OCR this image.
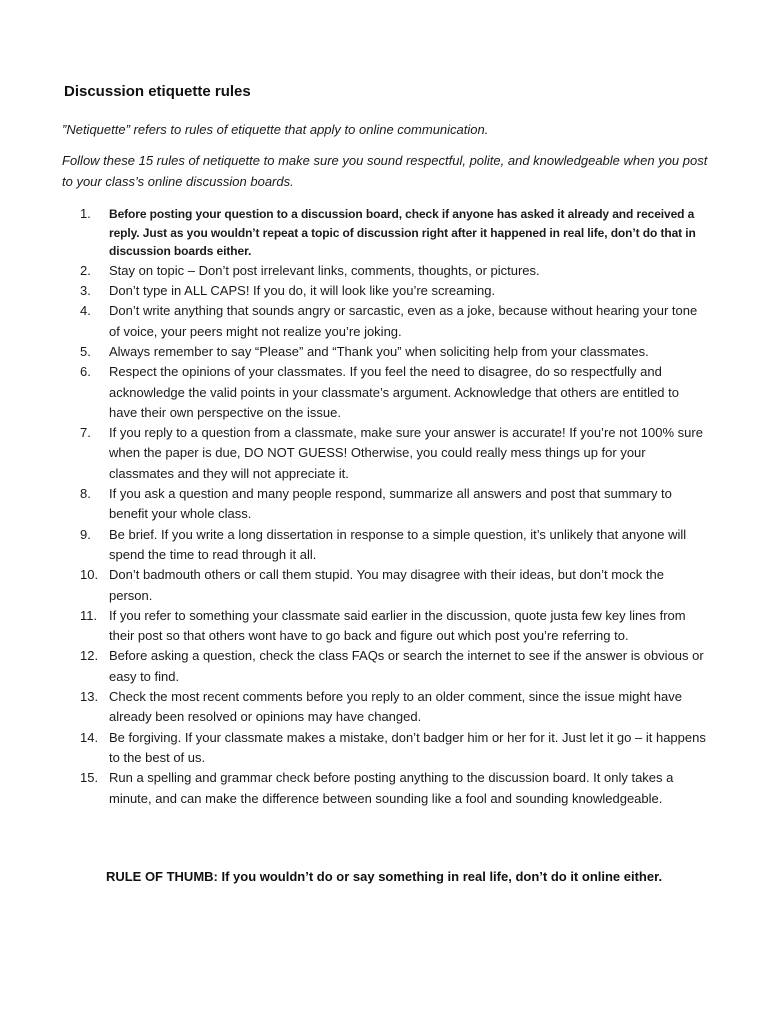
Discussion etiquette rules

”Netiquette” refers to rules of etiquette that apply to online communication.

Follow these 15 rules of netiquette to make sure you sound respectful, polite, and knowledgeable when you post to your class’s online discussion boards.

1.	Before posting your question to a discussion board, check if anyone has asked it already and received a reply. Just as you wouldn’t repeat a topic of discussion right after it happened in real life, don’t do that in discussion boards either.
2.	Stay on topic – Don’t post irrelevant links, comments, thoughts, or pictures.
3.	Don’t type in ALL CAPS! If you do, it will look like you’re screaming.
4.	Don’t write anything that sounds angry or sarcastic, even as a joke, because without hearing your tone of voice, your peers might not realize you’re joking.
5.	Always remember to say “Please” and “Thank you” when soliciting help from your classmates.
6.	Respect the opinions of your classmates. If you feel the need to disagree, do so respectfully and acknowledge the valid points in your classmate’s argument. Acknowledge that others are entitled to have their own perspective on the issue.
7.	If you reply to a question from a classmate, make sure your answer is accurate! If you’re not 100% sure when the paper is due, DO NOT GUESS! Otherwise, you could really mess things up for your classmates and they will not appreciate it.
8.	If you ask a question and many people respond, summarize all answers and post that summary to benefit your whole class.
9.	Be brief. If you write a long dissertation in response to a simple question, it’s unlikely that anyone will spend the time to read through it all.
10. Don’t badmouth others or call them stupid. You may disagree with their ideas, but don’t mock the person.
11. If you refer to something your classmate said earlier in the discussion, quote justa few key lines from their post so that others wont have to go back and figure out which post you’re referring to.
12. Before asking a question, check the class FAQs or search the internet to see if the answer is obvious or easy to find.
13. Check the most recent comments before you reply to an older comment, since the issue might have already been resolved or opinions may have changed.
14. Be forgiving. If your classmate makes a mistake, don’t badger him or her for it. Just let it go – it happens to the best of us.
15. Run a spelling and grammar check before posting anything to the discussion board. It only takes a minute, and can make the difference between sounding like a fool and sounding knowledgeable.

RULE OF THUMB: If you wouldn’t do or say something in real life, don’t do it online either.
